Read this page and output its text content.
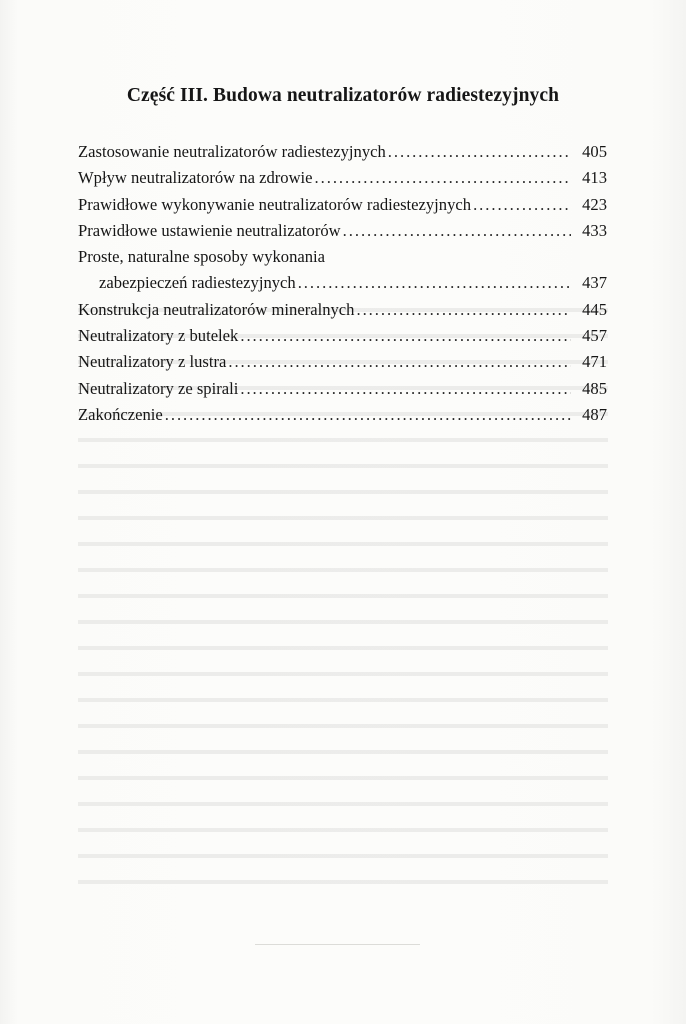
Część III. Budowa neutralizatorów radiestezyjnych
Zastosowanie neutralizatorów radiestezyjnych . . .	405
Wpływ neutralizatorów na zdrowie . . .	413
Prawidłowe wykonywanie neutralizatorów radiestezyjnych . . .	423
Prawidłowe ustawienie neutralizatorów . . .	433
Proste, naturalne sposoby wykonania
zabezpieczeń radiestezyjnych . . .	437
Konstrukcja neutralizatorów mineralnych . . .	445
Neutralizatory z butelek . . .	457
Neutralizatory z lustra . . .	471
Neutralizatory ze spirali . . .	485
Zakończenie . . .	487
